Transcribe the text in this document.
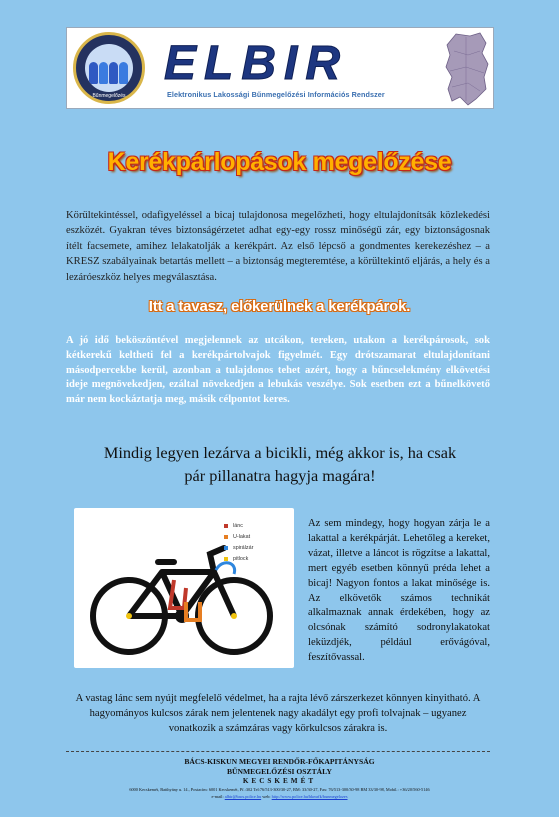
Bűnmegelőzés
ELBIR
Elektronikus Lakossági Bűnmegelőzési Információs Rendszer
Kerékpárlopások megelőzése

Körültekintéssel, odafigyeléssel a bicaj tulajdonosa megelőzheti, hogy eltulajdonítsák közlekedési eszközét. Gyakran téves biztonságérzetet adhat egy-egy rossz minőségű zár, egy biztonságosnak ítélt facsemete, amihez lelakatolják a kerékpárt. Az első lépcső a gondmentes kerekezéshez – a KRESZ szabályainak betartás mellett – a biztonság megteremtése, a körültekintő eljárás, a hely és a lezáróeszköz helyes megválasztása.

Itt a tavasz, előkerülnek a kerékpárok.

A jó idő beköszöntével megjelennek az utcákon, tereken, utakon a kerékpárosok, sok kétkerekű keltheti fel a kerékpártolvajok figyelmét. Egy drótszamarat eltulajdonítani másodpercekbe kerül, azonban a tulajdonos tehet azért, hogy a bűncselekmény elkövetési ideje megnövekedjen, ezáltal növekedjen a lebukás veszélye. Sok esetben ezt a bűnelkövető már nem kockáztatja meg, másik célpontot keres.

Mindig legyen lezárva a bicikli, még akkor is, ha csak
pár pillanatra hagyja magára!
lánc
U-lakat
spirálzár
pitlock

Az sem mindegy, hogy hogyan zárja le a lakattal a kerékpárját. Lehetőleg a kereket, vázat, illetve a láncot is rögzítse a lakattal, mert egyéb esetben könnyű préda lehet a bicaj! Nagyon fontos a lakat minősége is. Az elkövetők számos technikát alkalmaznak annak érdekében, hogy az olcsónak számító sodronylakatokat leküzdjék, például erővágóval, feszítővassal.

A vastag lánc sem nyújt megfelelő védelmet, ha a rajta lévő zárszerkezet könnyen kinyitható. A hagyományos kulcsos zárak nem jelentenek nagy akadályt egy profi tolvajnak – ugyanez vonatkozik a számzáras vagy körkulcsos zárakra is.

BÁCS-KISKUN MEGYEI RENDŐR-FŐKAPITÁNYSÁG
BŰNMEGELŐZÉSI OSZTÁLY
KECSKEMÉT
6000 Kecskemét, Batthyány u. 14., Postacím: 6001 Kecskemét, Pf.:302 Tel:76/513-300/30-27, BM: 33/30-27, Fax: 76/513-300/30-98 BM 33/30-98, Mobil.: +36/20/560-5146
e-mail: albir@bacs.police.hu web: http://www.police.hu/bkmrfk/bunmegelozes
